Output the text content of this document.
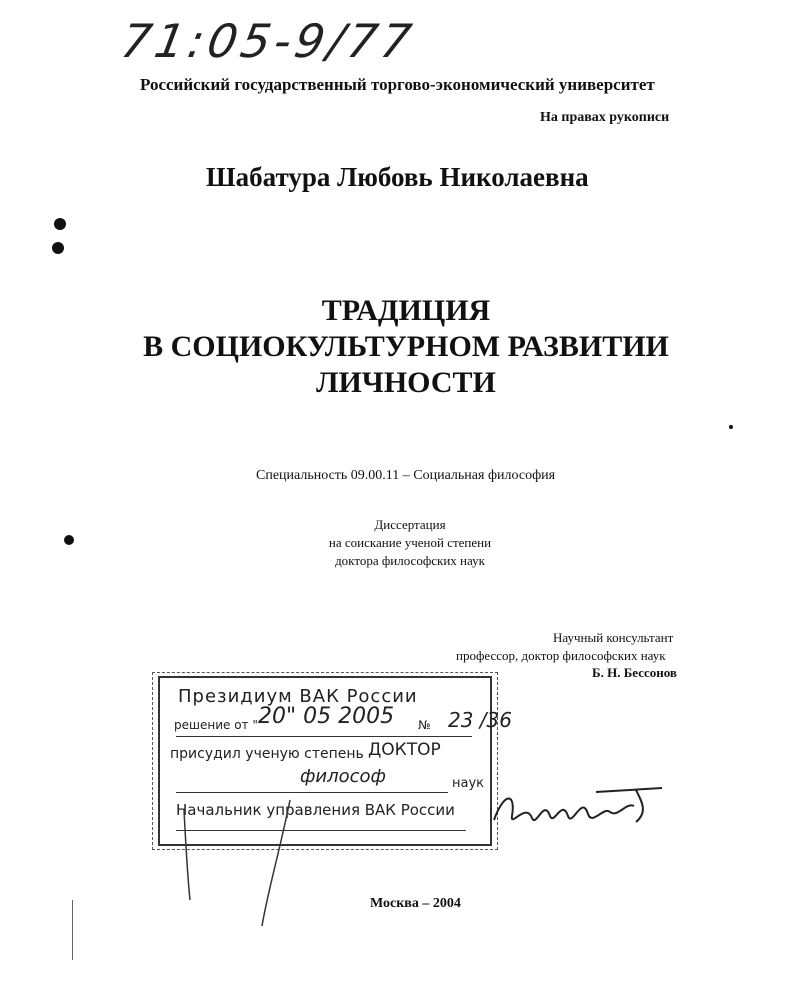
71:05-9/77
Российский государственный торгово-экономический университет
На правах рукописи
Шабатура Любовь Николаевна
ТРАДИЦИЯ
В СОЦИОКУЛЬТУРНОМ РАЗВИТИИ
ЛИЧНОСТИ
Специальность 09.00.11 – Социальная философия
Диссертация
на соискание ученой степени
доктора философских наук
Научный консультант
профессор, доктор философских наук
Б. Н. Бессонов
Президиум ВАК России
решение от " 20" 05 2005 № 23 /36
присудил ученую степень ДОКТОР
философ	наук
Начальник управления ВАК России
Москва – 2004
